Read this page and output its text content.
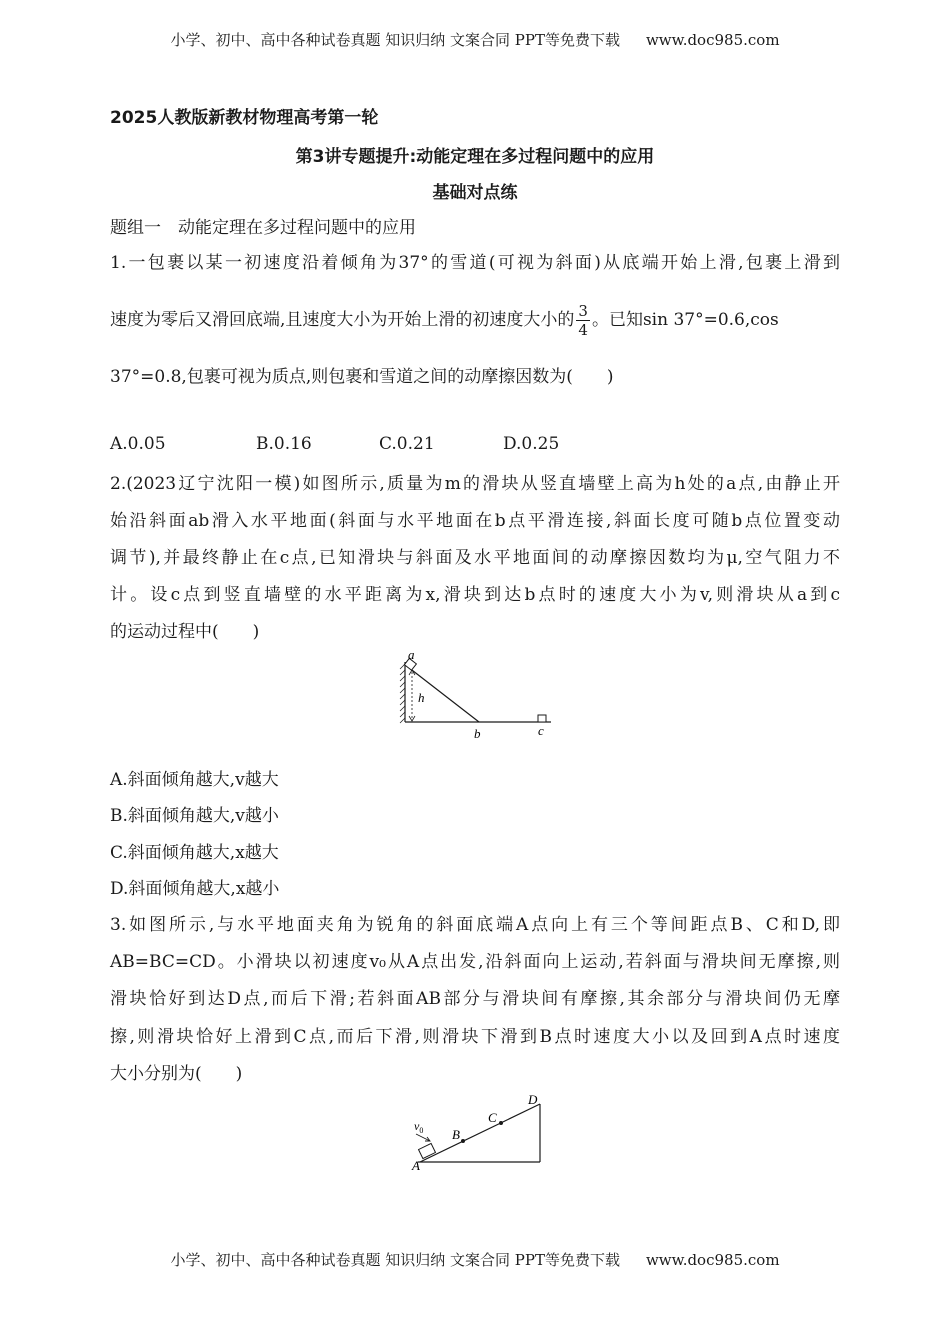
小学、初中、高中各种试卷真题 知识归纳 文案合同 PPT等免费下载 www.doc985.com
2025人教版新教材物理高考第一轮
第3讲专题提升:动能定理在多过程问题中的应用
基础对点练
题组一　动能定理在多过程问题中的应用
1.一包裹以某一初速度沿着倾角为37°的雪道(可视为斜面)从底端开始上滑,包裹上滑到
速度为零后又滑回底端,且速度大小为开始上滑的初速度大小的 $\frac{3}{4}$ 。已知sin 37°=0.6,cos
37°=0.8,包裹可视为质点,则包裹和雪道之间的动摩擦因数为(　　)
A.0.05	B.0.16	C.0.21	D.0.25
2.(2023辽宁沈阳一模)如图所示,质量为m的滑块从竖直墙壁上高为h处的a点,由静止开
始沿斜面ab滑入水平地面(斜面与水平地面在b点平滑连接,斜面长度可随b点位置变动
调节),并最终静止在c点,已知滑块与斜面及水平地面间的动摩擦因数均为μ,空气阻力不
计。设c点到竖直墙壁的水平距离为x,滑块到达b点时的速度大小为v,则滑块从a到c
的运动过程中(　　)
a
h
b	c
A.斜面倾角越大,v越大
B.斜面倾角越大,v越小
C.斜面倾角越大,x越大
D.斜面倾角越大,x越小
3.如图所示,与水平地面夹角为锐角的斜面底端A点向上有三个等间距点B、C和D,即
AB=BC=CD。小滑块以初速度v₀从A点出发,沿斜面向上运动,若斜面与滑块间无摩擦,则
滑块恰好到达D点,而后下滑;若斜面AB部分与滑块间有摩擦,其余部分与滑块间仍无摩
擦,则滑块恰好上滑到C点,而后下滑,则滑块下滑到B点时速度大小以及回到A点时速度
大小分别为(　　)
$v_0$
A
B
C
D
小学、初中、高中各种试卷真题 知识归纳 文案合同 PPT等免费下载 www.doc985.com
